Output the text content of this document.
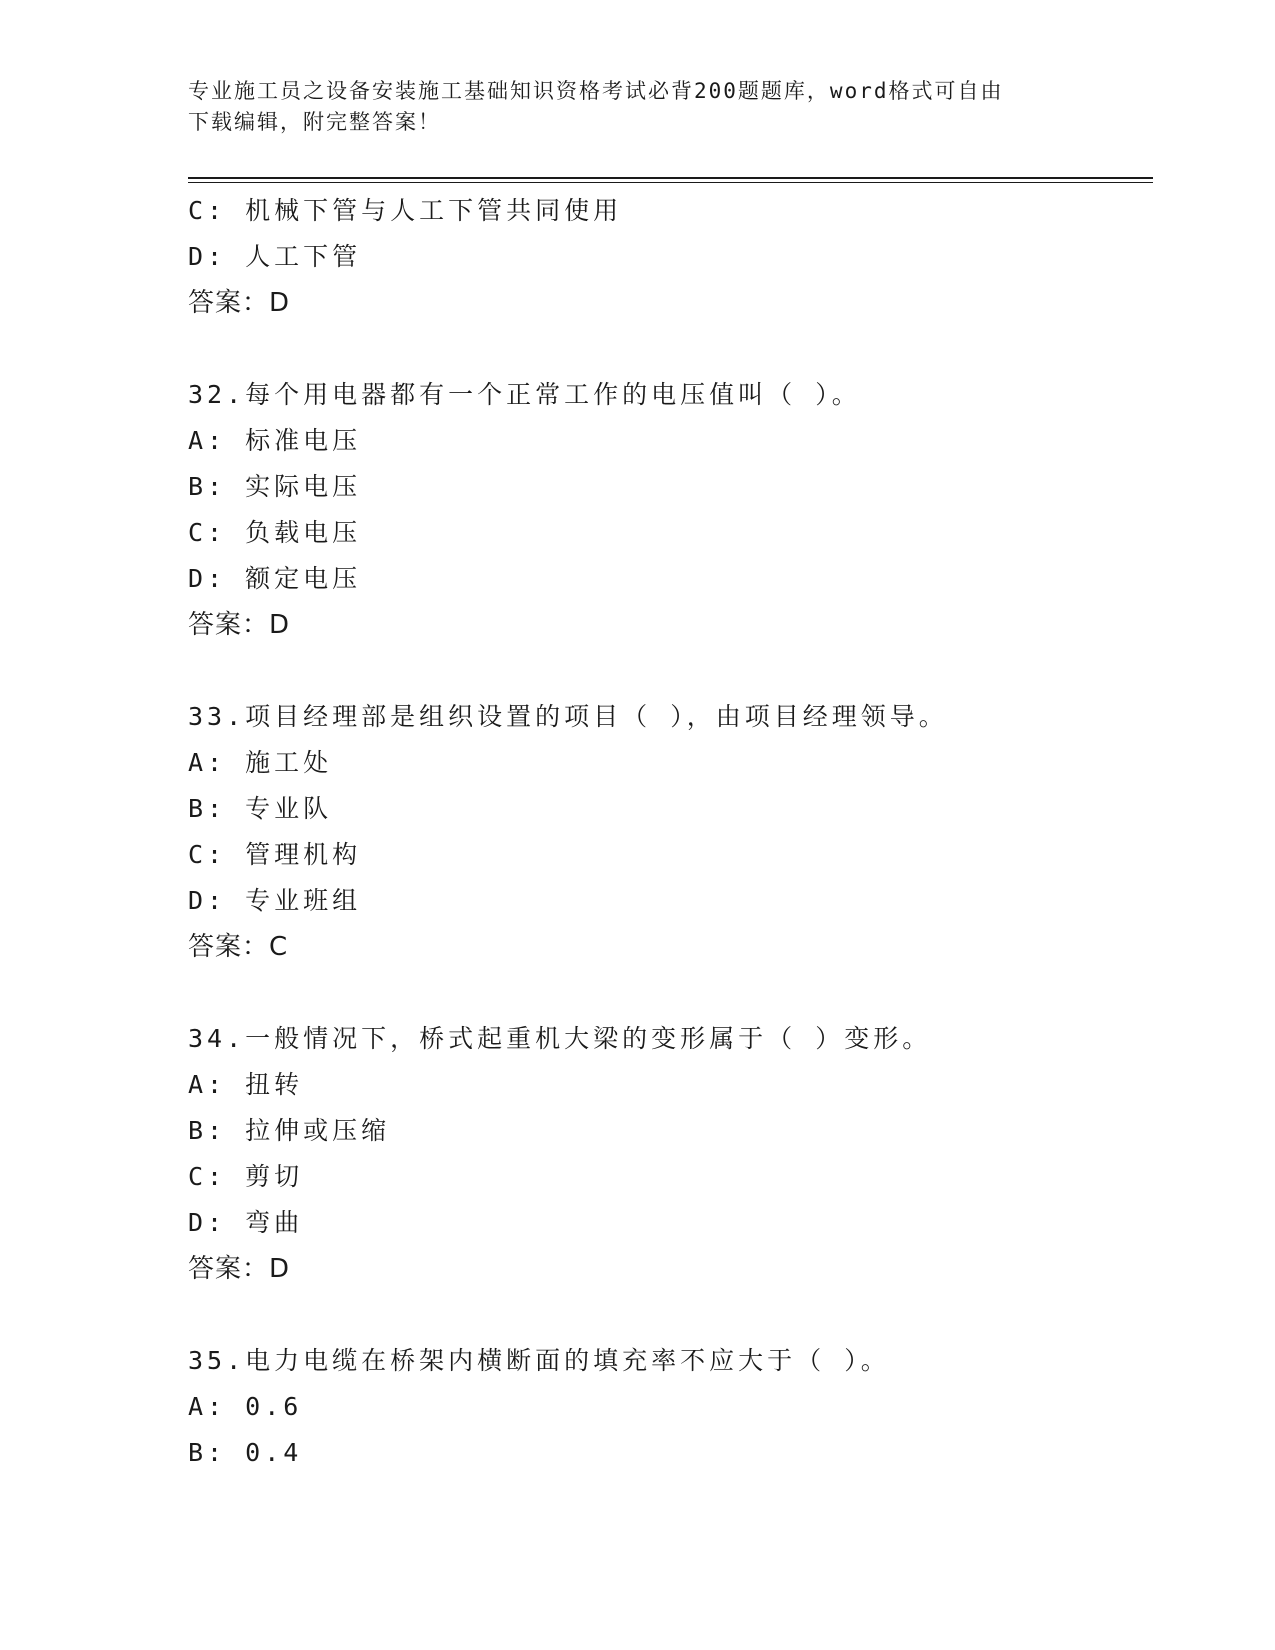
专业施工员之设备安装施工基础知识资格考试必背200题题库，word格式可自由
下载编辑，附完整答案！
C: 机械下管与人工下管共同使用
D: 人工下管
答案：D
32.每个用电器都有一个正常工作的电压值叫（ ）。
A: 标准电压
B: 实际电压
C: 负载电压
D: 额定电压
答案：D
33.项目经理部是组织设置的项目（ ），由项目经理领导。
A: 施工处
B: 专业队
C: 管理机构
D: 专业班组
答案：C
34.一般情况下，桥式起重机大梁的变形属于（ ）变形。
A: 扭转
B: 拉伸或压缩
C: 剪切
D: 弯曲
答案：D
35.电力电缆在桥架内横断面的填充率不应大于（ ）。
A: 0.6
B: 0.4
